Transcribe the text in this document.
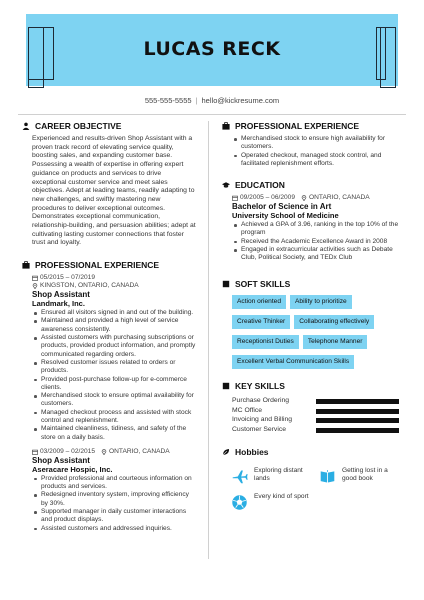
LUCAS RECK
555-555-5555 | hello@kickresume.com
CAREER OBJECTIVE
Experienced and results-driven Shop Assistant with a proven track record of elevating service quality, boosting sales, and expanding customer base. Possessing a wealth of expertise in offering expert guidance on products and services to drive exceptional customer service and meet sales objectives. Adept at leading teams, readily adapting to new challenges, and swiftly mastering new procedures to deliver exceptional outcomes. Demonstrates exceptional communication, relationship-building, and persuasion abilities; adept at cultivating lasting customer connections that foster trust and loyalty.
PROFESSIONAL EXPERIENCE
05/2015 – 07/2019
KINGSTON, ONTARIO, CANADA
Shop Assistant
Landmark, Inc.
Ensured all visitors signed in and out of the building.
Maintained and provided a high level of service awareness consistently.
Assisted customers with purchasing subscriptions or products, provided product information, and promptly communicated regarding orders.
Resolved customer issues related to orders or products.
Provided post-purchase follow-up for e-commerce clients.
Merchandised stock to ensure optimal availability for customers.
Managed checkout process and assisted with stock control and replenishment.
Maintained cleanliness, tidiness, and safety of the store on a daily basis.
03/2009 – 02/2015 ONTARIO, CANADA
Shop Assistant
Aseracare Hospic, Inc.
Provided professional and courteous information on products and services.
Redesigned inventory system, improving efficiency by 30%.
Supported manager in daily customer interactions and product displays.
Assisted customers and addressed inquiries.
PROFESSIONAL EXPERIENCE
Merchandised stock to ensure high availability for customers.
Operated checkout, managed stock control, and facilitated replenishment efforts.
EDUCATION
09/2005 – 06/2009 ONTARIO, CANADA
Bachelor of Science in Art
University School of Medicine
Achieved a GPA of 3.96, ranking in the top 10% of the program
Received the Academic Excellence Award in 2008
Engaged in extracurricular activities such as Debate Club, Political Society, and TEDx Club
SOFT SKILLS
Action oriented	Ability to prioritize
Creative Thinker	Collaborating effectively
Receptionist Duties	Telephone Manner
Excellent Verbal Communication Skills
KEY SKILLS
Purchase Ordering
MC Office
Invoicing and Billing
Customer Service
Hobbies
Exploring distant lands
Getting lost in a good book
Every kind of sport
